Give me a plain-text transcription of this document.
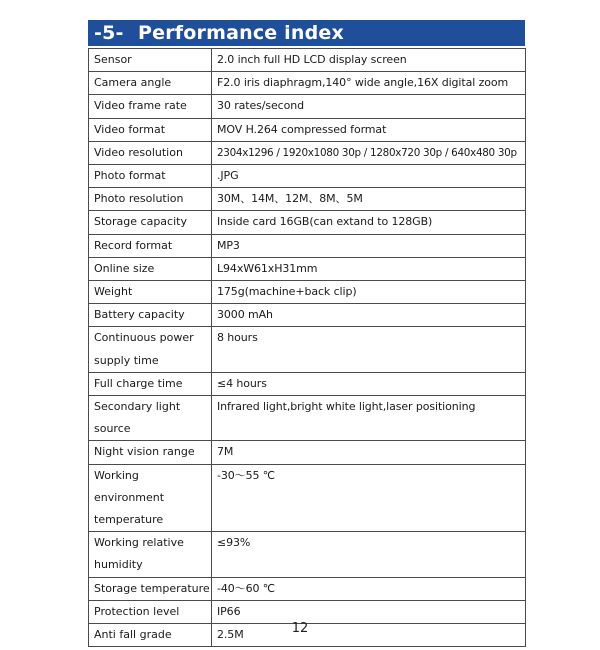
-5- Performance index
Sensor	2.0 inch full HD LCD display screen
Camera angle	F2.0 iris diaphragm,140° wide angle,16X digital zoom
Video frame rate	30 rates/second
Video format	MOV H.264 compressed format
Video resolution	2304x1296 / 1920x1080 30p / 1280x720 30p / 640x480 30p
Photo format	.JPG
Photo resolution	30M、14M、12M、8M、5M
Storage capacity	Inside card 16GB(can extand to 128GB)
Record format	MP3
Online size	L94xW61xH31mm
Weight	175g(machine+back clip)
Battery capacity	3000 mAh
Continuous power supply time	8 hours
Full charge time	≤4 hours
Secondary light source	Infrared light,bright white light,laser positioning
Night vision range	7M
Working environment temperature	-30～55 ℃
Working relative humidity	≤93%
Storage temperature	-40～60 ℃
Protection level	IP66
Anti fall grade	2.5M	12
